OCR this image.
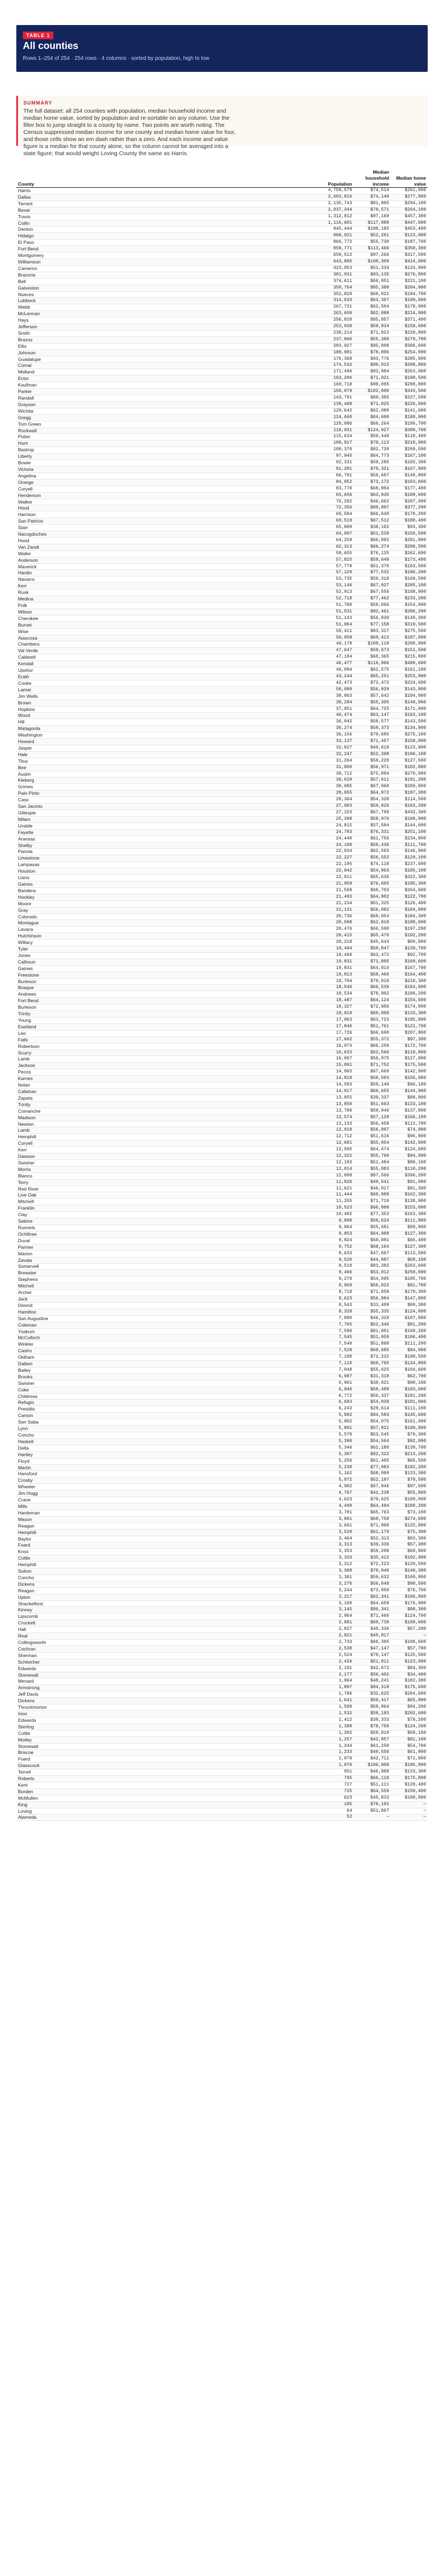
TABLE 1
All counties
Rows 1–254 of 254 · 254 rows · 4 columns · sorted by population, high to low
SUMMARY
The full dataset: all 254 counties with population, median household income and median home value, sorted by population and re-sortable on any column. Use the filter box to jump straight to a county by name. Two points are worth noting. The Census suppressed median income for one county and median home value for four, and those cells show an em dash rather than a zero. And each income and value figure is a median for that county alone, so the column cannot be averaged into a state figure; that would weight Loving County the same as Harris.
County	Population	Median household income	Median home value
Harris	4,758,579	$74,514	$261,000
Dallas	2,603,816	$74,149	$277,900
Tarrant	2,135,743	$81,905	$294,100
Bexar	2,037,344	$70,571	$264,100
Travis	1,312,812	$97,169	$457,300
Collin	1,116,601	$117,088	$447,600
Denton	945,444	$108,185	$453,400
Hidalgo	880,021	$52,281	$123,000
El Paso	866,772	$55,730	$187,700
Fort Bend	858,771	$113,466	$350,300
Montgomery	659,512	$97,266	$317,500
Williamson	643,885	$108,309	$414,000
Cameron	423,053	$51,334	$124,000
Brazoria	381,931	$93,135	$276,800
Bell	374,611	$66,051	$221,100
Galveston	350,764	$85,388	$284,900
Nueces	352,829	$66,021	$194,700
Lubbock	314,633	$63,307	$199,600
Webb	267,731	$62,504	$178,900
McLennan	263,658	$62,888	$214,000
Hays	256,029	$85,857	$371,400
Jefferson	253,939	$59,934	$159,600
Smith	238,214	$71,923	$220,800
Brazos	237,860	$55,388	$279,700
Ellis	203,927	$95,808	$306,600
Johnson	188,001	$78,806	$254,000
Guadalupe	176,368	$93,776	$285,900
Comal	174,532	$98,015	$398,800
Midland	171,496	$93,984	$263,000
Ector	163,206	$71,021	$190,500
Kaufman	160,718	$90,095	$280,800
Parker	158,079	$102,090	$343,500
Randall	143,791	$80,305	$227,500
Grayson	139,488	$71,025	$226,600
Wichita	129,642	$62,080	$141,600
Gregg	124,660	$64,600	$180,900
Tom Green	120,086	$66,264	$186,700
Rockwall	118,931	$124,927	$388,700
Potter	115,634	$50,448	$118,400
Hunt	108,917	$70,113	$210,900
Bastrop	100,370	$82,720	$269,500
Liberty	97,945	$64,773	$167,100
Bowie	92,331	$59,295	$165,300
Victoria	91,281	$70,321	$167,900
Angelina	86,791	$58,687	$148,800
Orange	84,952	$73,172	$163,600
Coryell	83,770	$68,904	$177,400
Henderson	83,656	$63,935	$189,600
Walker	76,292	$46,662	$207,900
Hood	72,356	$89,897	$377,200
Harrison	69,584	$66,640	$178,200
San Patricio	69,519	$67,512	$180,400
Starr	65,809	$38,162	$93,300
Nacogdoches	64,897	$51,539	$156,500
Hood	64,259	$66,992	$281,900
Van Zandt	62,313	$66,274	$209,500
Waller	59,655	$76,125	$262,600
Anderson	57,825	$58,648	$173,400
Maverick	57,779	$51,370	$103,500
Hardin	57,129	$77,532	$186,200
Navarro	53,735	$59,310	$169,500
Kerr	53,146	$67,927	$285,100
Rusk	52,913	$67,556	$168,900
Medina	52,718	$77,462	$233,200
Polk	51,780	$58,066	$154,000
Wilson	51,531	$92,461	$286,200
Cherokee	51,143	$56,830	$140,300
Burnet	51,064	$77,158	$310,500
Wise	50,411	$83,317	$275,500
Atascosa	50,058	$69,413	$187,800
Chambers	49,178	$108,118	$288,900
Val Verde	47,647	$59,673	$151,500
Caldwell	47,184	$68,365	$215,800
Kendall	46,477	$116,966	$480,600
Upshur	46,094	$62,575	$161,100
Erath	43,244	$65,251	$253,900
Cooke	42,473	$72,472	$224,600
Lamar	50,088	$56,929	$143,800
Jim Wells	38,863	$57,642	$104,000
Brown	38,294	$55,305	$149,900
Hopkins	37,051	$64,725	$171,000
Wood	46,474	$63,147	$163,100
Hill	36,042	$58,577	$143,500
Matagorda	36,274	$58,373	$134,800
Washington	36,156	$70,685	$275,100
Howard	33,137	$71,457	$150,000
Jasper	32,827	$49,619	$123,900
Hale	32,247	$52,398	$106,100
Titus	31,264	$59,220	$127,500
Bee	31,000	$56,971	$102,800
Austin	30,712	$75,894	$270,900
Kleberg	30,629	$57,611	$101,200
Grimes	30,085	$67,060	$200,800
Palo Pinto	28,955	$64,972	$187,300
Cass	28,364	$54,328	$114,500
San Jacinto	27,983	$59,926	$163,200
Gillespie	27,153	$67,799	$432,300
Milam	25,398	$58,976	$168,900
Uvalde	24,815	$57,584	$144,600
Fayette	24,783	$76,331	$251,100
Aransas	24,440	$61,756	$234,800
Shelby	24,108	$50,436	$111,700
Panola	22,934	$62,593	$146,000
Limestone	22,227	$56,552	$129,100
Lampasas	22,195	$74,118	$237,600
Houston	22,042	$54,063	$105,100
Llano	22,011	$65,636	$322,300
Gaines	21,959	$76,605	$185,300
Bandera	21,569	$69,703	$264,600
Hockley	21,493	$64,802	$122,700
Moore	21,234	$61,325	$126,400
Gray	21,131	$56,082	$104,800
Colorado	20,736	$68,054	$184,300
Montague	20,508	$62,818	$180,600
Lavaca	20,476	$66,590	$197,200
Hutchinson	20,415	$65,470	$102,200
Willacy	20,218	$45,643	$60,800
Tyler	19,494	$50,847	$139,700
Jones	19,468	$63,472	$92,700
Calhoun	19,831	$71,805	$160,600
Gaines	19,831	$64,014	$167,700
Freestone	19,813	$58,460	$164,400
Burleson	18,794	$70,810	$210,300
Bosque	18,546	$66,539	$184,600
Andrews	18,534	$78,902	$186,200
Fort Bend	18,487	$64,124	$154,600
Burleson	18,327	$72,986	$174,800
Trinity	18,019	$60,008	$133,300
Young	17,963	$63,723	$185,000
Eastland	17,846	$51,761	$121,700
Leo	17,726	$66,690	$207,800
Falls	17,662	$55,372	$97,300
Robertson	16,973	$66,250	$172,700
Scurry	16,633	$62,566	$110,800
Lamb	16,067	$56,975	$127,800
Jackson	15,091	$71,752	$175,500
Pecos	14,993	$67,669	$142,900
Karnes	14,819	$58,503	$156,900
Nolan	14,583	$50,140	$96,100
Callahan	14,017	$66,655	$144,900
Zapata	13,855	$39,337	$88,900
Trinity	13,850	$51,663	$133,100
Comanche	13,700	$59,946	$137,800
Madison	13,574	$57,128	$166,100
Newton	13,133	$56,458	$113,700
Lamb	12,919	$56,997	$74,900
Hemphill	12,712	$51,616	$96,800
Coryell	12,681	$55,054	$142,600
Kerr	12,505	$64,674	$124,600
Dawson	12,322	$55,790	$94,900
Swisher	12,193	$51,484	$80,100
Morris	12,014	$55,083	$110,200
Blanco	12,008	$87,566	$396,200
Terry	11,826	$49,541	$91,900
Red River	11,621	$46,917	$91,300
Live Oak	11,444	$60,889	$162,300
Mitchell	11,255	$71,719	$138,900
Franklin	10,523	$66,800	$153,000
Clay	10,402	$77,353	$163,300
Sabine	9,898	$50,624	$111,900
Runnels	9,864	$55,681	$99,000
Ochiltree	9,853	$64,988	$127,300
Duval	9,824	$50,081	$66,400
Parmer	9,752	$68,164	$127,300
Marion	9,633	$47,667	$113,500
Zavala	9,520	$44,887	$68,100
Somervell	9,510	$83,382	$263,600
Brewster	9,466	$53,012	$250,000
Stephens	9,278	$54,695	$105,700
Mitchell	8,969	$56,022	$91,700
Archer	8,718	$71,959	$170,300
Jack	8,623	$56,884	$147,800
Dimmit	8,543	$33,409	$80,300
Hamilton	8,328	$55,335	$124,800
San Augustine	7,880	$46,328	$107,800
Coleman	7,765	$52,346	$81,200
Yoakum	7,580	$81,001	$160,200
McCulloch	7,545	$51,959	$106,400
Winkler	7,540	$51,898	$111,200
Castro	7,528	$60,685	$94,900
Oldham	7,180	$72,232	$100,500
Dallam	7,110	$60,795	$124,800
Bailey	7,048	$55,625	$104,600
Brooks	6,987	$31,318	$62,700
Swisher	6,961	$39,021	$90,100
Coke	6,946	$50,489	$103,600
Childress	6,772	$56,337	$101,200
Refugio	6,693	$54,039	$101,000
Presidio	6,243	$29,614	$111,100
Carson	5,802	$84,583	$145,600
San Saba	5,802	$54,075	$161,900
Lynn	5,801	$57,921	$100,800
Concho	5,570	$53,545	$79,300
Haskell	5,390	$54,564	$92,000
Delta	5,346	$62,180	$138,700
Hartley	5,307	$82,322	$213,200
Floyd	5,256	$61,405	$65,500
Martin	5,230	$77,083	$182,200
Hansford	5,162	$68,099	$133,300
Crosby	5,072	$52,197	$70,500
Wheeler	4,902	$67,946	$97,600
Jim Hogg	4,767	$42,238	$55,800
Crane	4,623	$70,625	$109,000
Mills	4,499	$64,494	$200,200
Hardeman	3,701	$65,763	$73,100
Mason	3,801	$68,750	$274,600
Reagan	3,661	$71,900	$125,800
Hemphill	3,529	$61,179	$75,300
Baylor	3,464	$52,313	$83,300
Foard	3,313	$39,336	$57,300
Knox	3,353	$59,208	$69,800
Cottle	3,333	$35,412	$102,900
Hemphill	3,312	$72,223	$129,500
Sutton	3,308	$70,040	$140,300
Concho	3,301	$59,632	$109,800
Dickens	3,276	$56,648	$90,500
Reagan	3,244	$73,050	$76,700
Upton	3,217	$62,341	$106,000
Shackelford	3,169	$64,659	$176,900
Kinney	3,145	$86,341	$88,300
Lipscomb	2,964	$71,466	$124,700
Crockett	2,881	$60,739	$100,600
Hall	2,827	$40,336	$57,200
Real	2,821	$45,917	—
Collingsworth	2,733	$60,305	$108,600
Cochran	2,530	$47,147	$57,700
Sherman	2,524	$70,147	$125,500
Schleicher	2,426	$51,011	$123,900
Edwards	2,191	$42,672	$84,300
Stonewall	2,177	$56,402	$34,400
Menard	1,964	$48,241	$102,300
Armstrong	1,897	$84,318	$175,600
Jeff Davis	1,786	$32,625	$204,600
Dickens	1,641	$50,417	$65,000
Throckmorton	1,589	$58,864	$94,200
Irion	1,532	$58,193	$202,600
Edwards	1,412	$38,333	$78,200
Sterling	1,398	$78,750	$124,200
Cottle	1,302	$58,819	$59,100
Motley	1,257	$42,857	$81,100
Stonewall	1,244	$61,250	$54,700
Briscoe	1,233	$40,556	$61,900
Foard	1,079	$42,711	$71,800
Glasscock	1,070	$106,908	$186,900
Terrell	951	$46,989	$133,300
Roberts	795	$66,118	$175,800
Kent	727	$51,111	$120,400
Borden	725	$64,559	$159,400
McMullen	623	$45,833	$108,800
King	185	$70,192	—
Loving	64	$51,667	—
Alameda	52	—	—
